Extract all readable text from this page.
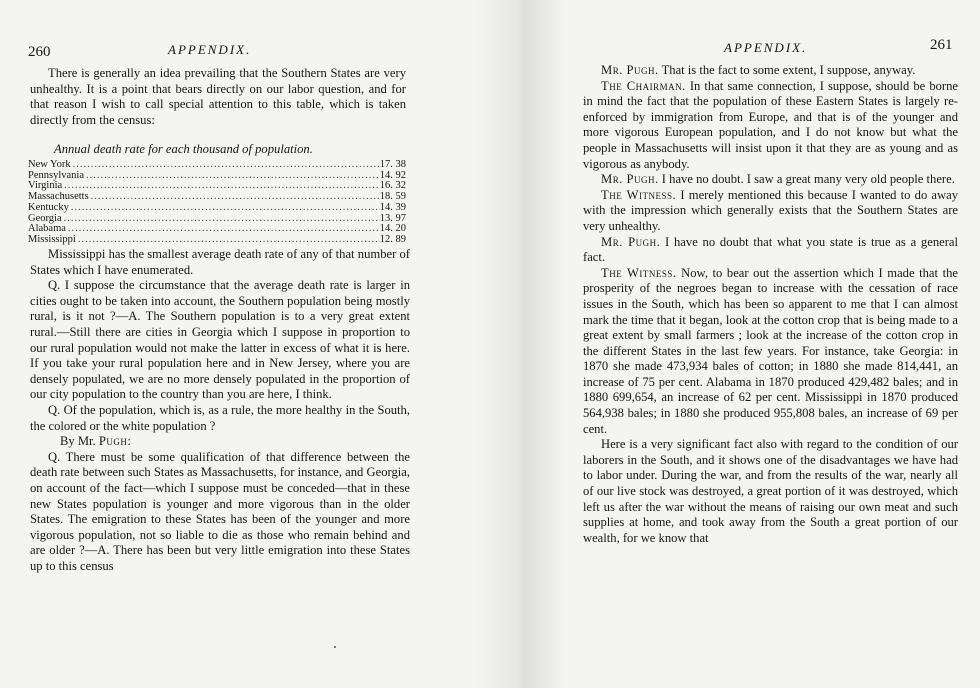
260	APPENDIX.

There is generally an idea prevailing that the Southern States are very unhealthy. It is a point that bears directly on our labor question, and for that reason I wish to call special attention to this table, which is taken directly from the census:

Annual death rate for each thousand of population.
New York .....	17. 38
Pennsylvania .....	14. 92
Virginia .....	16. 32
Massachusetts .....	18. 59
Kentucky .....	14. 39
Georgia .....	13. 97
Alabama .....	14. 20
Mississippi .....	12. 89

Mississippi has the smallest average death rate of any of that number of States which I have enumerated.

Q. I suppose the circumstance that the average death rate is larger in cities ought to be taken into account, the Southern population being mostly rural, is it not ?—A. The Southern population is to a very great extent rural.—Still there are cities in Georgia which I suppose in proportion to our rural population would not make the latter in excess of what it is here. If you take your rural population here and in New Jersey, where you are densely populated, we are no more densely populated in the proportion of our city population to the country than you are here, I think.

Q. Of the population, which is, as a rule, the more healthy in the South, the colored or the white population ?

By Mr. Pugh:

Q. There must be some qualification of that difference between the death rate between such States as Massachusetts, for instance, and Georgia, on account of the fact—which I suppose must be conceded—that in these new States population is younger and more vigorous than in the older States. The emigration to these States has been of the younger and more vigorous population, not so liable to die as those who remain behind and are older ?—A. There has been but very little emigration into these States up to this census

APPENDIX.	261

Mr. Pugh. That is the fact to some extent, I suppose, anyway.

The Chairman. In that same connection, I suppose, should be borne in mind the fact that the population of these Eastern States is largely re-enforced by immigration from Europe, and that is of the younger and more vigorous European population, and I do not know but what the people in Massachusetts will insist upon it that they are as young and as vigorous as anybody.

Mr. Pugh. I have no doubt. I saw a great many very old people there.

The Witness. I merely mentioned this because I wanted to do away with the impression which generally exists that the Southern States are very unhealthy.

Mr. Pugh. I have no doubt that what you state is true as a general fact.

The Witness. Now, to bear out the assertion which I made that the prosperity of the negroes began to increase with the cessation of race issues in the South, which has been so apparent to me that I can almost mark the time that it began, look at the cotton crop that is being made to a great extent by small farmers ; look at the increase of the cotton crop in the different States in the last few years. For instance, take Georgia: in 1870 she made 473,934 bales of cotton; in 1880 she made 814,441, an increase of 75 per cent. Alabama in 1870 produced 429,482 bales; and in 1880 699,654, an increase of 62 per cent. Mississippi in 1870 produced 564,938 bales; in 1880 she produced 955,808 bales, an increase of 69 per cent.

Here is a very significant fact also with regard to the condition of our laborers in the South, and it shows one of the disadvantages we have had to labor under. During the war, and from the results of the war, nearly all of our live stock was destroyed, a great portion of it was destroyed, which left us after the war without the means of raising our own meat and such supplies at home, and took away from the South a great portion of our wealth, for we know that
